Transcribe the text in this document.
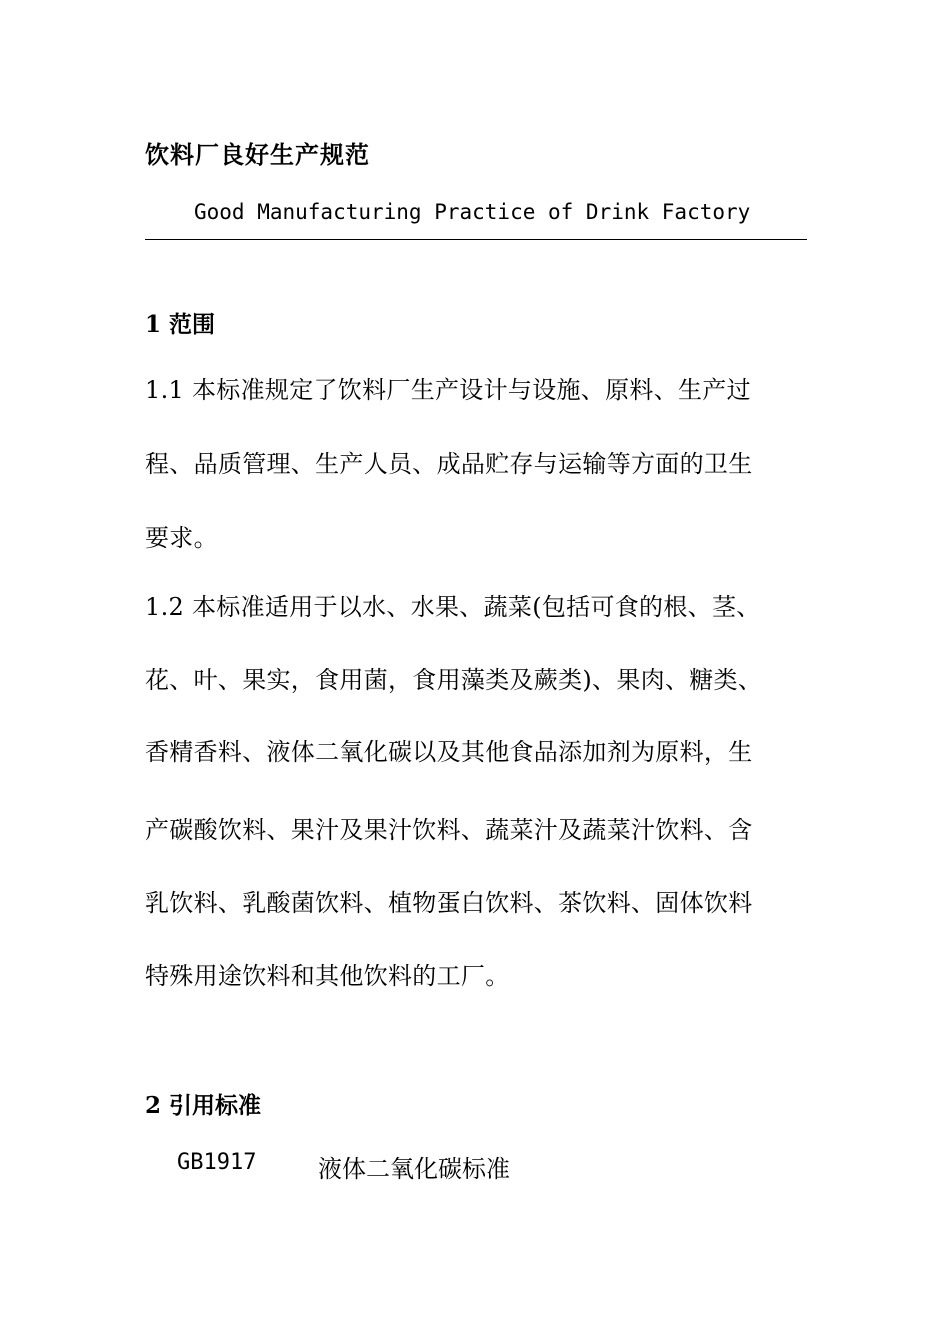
饮料厂良好生产规范
Good Manufacturing Practice of Drink Factory
1 范围
1.1 本标准规定了饮料厂生产设计与设施、原料、生产过
程、品质管理、生产人员、成品贮存与运输等方面的卫生
要求。
1.2 本标准适用于以水、水果、蔬菜(包括可食的根、茎、
花、叶、果实，食用菌，食用藻类及蕨类)、果肉、糖类、
香精香料、液体二氧化碳以及其他食品添加剂为原料，生
产碳酸饮料、果汁及果汁饮料、蔬菜汁及蔬菜汁饮料、含
乳饮料、乳酸菌饮料、植物蛋白饮料、茶饮料、固体饮料
特殊用途饮料和其他饮料的工厂。
2 引用标准
GB1917	液体二氧化碳标准
